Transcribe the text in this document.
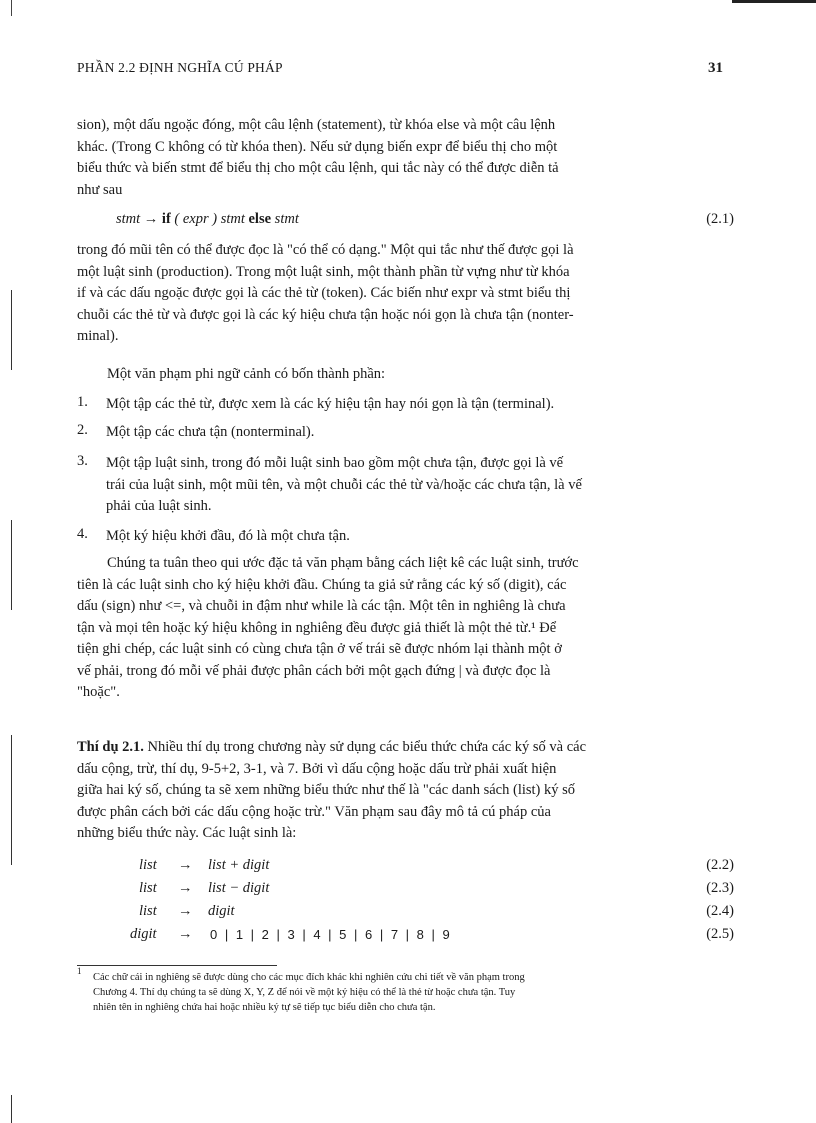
PHẦN 2.2 ĐỊNH NGHĨA CÚ PHÁP	31
sion), một dấu ngoặc đóng, một câu lệnh (statement), từ khóa else và một câu lệnh
khác. (Trong C không có từ khóa then). Nếu sử dụng biến expr để biểu thị cho một
biểu thức và biến stmt để biểu thị cho một câu lệnh, qui tắc này có thể được diễn tả
như sau
stmt → if ( expr ) stmt else stmt	(2.1)
trong đó mũi tên có thể được đọc là "có thể có dạng." Một qui tắc như thế được gọi là
một luật sinh (production). Trong một luật sinh, một thành phần từ vựng như từ khóa
if và các dấu ngoặc được gọi là các thẻ từ (token). Các biến như expr và stmt biểu thị
chuỗi các thẻ từ và được gọi là các ký hiệu chưa tận hoặc nói gọn là chưa tận (nonter-
minal).
Một văn phạm phi ngữ cảnh có bốn thành phần:
1. Một tập các thẻ từ, được xem là các ký hiệu tận hay nói gọn là tận (terminal).
2. Một tập các chưa tận (nonterminal).
3. Một tập luật sinh, trong đó mỗi luật sinh bao gồm một chưa tận, được gọi là vế
trái của luật sinh, một mũi tên, và một chuỗi các thẻ từ và/hoặc các chưa tận, là vế
phải của luật sinh.
4. Một ký hiệu khởi đầu, đó là một chưa tận.
Chúng ta tuân theo qui ước đặc tả văn phạm bằng cách liệt kê các luật sinh, trước
tiên là các luật sinh cho ký hiệu khởi đầu. Chúng ta giả sử rằng các ký số (digit), các
dấu (sign) như <=, và chuỗi in đậm như while là các tận. Một tên in nghiêng là chưa
tận và mọi tên hoặc ký hiệu không in nghiêng đều được giả thiết là một thẻ từ.¹ Để
tiện ghi chép, các luật sinh có cùng chưa tận ở vế trái sẽ được nhóm lại thành một ở
vế phải, trong đó mỗi vế phải được phân cách bởi một gạch đứng | và được đọc là
"hoặc".
Thí dụ 2.1. Nhiều thí dụ trong chương này sử dụng các biểu thức chứa các ký số và các
dấu cộng, trừ, thí dụ, 9-5+2, 3-1, và 7. Bởi vì dấu cộng hoặc dấu trừ phải xuất hiện
giữa hai ký số, chúng ta sẽ xem những biểu thức như thế là "các danh sách (list) ký số
được phân cách bởi các dấu cộng hoặc trừ." Văn phạm sau đây mô tả cú pháp của
những biểu thức này. Các luật sinh là:
list → list + digit	(2.2)
list → list − digit	(2.3)
list → digit	(2.4)
digit → 0 | 1 | 2 | 3 | 4 | 5 | 6 | 7 | 8 | 9	(2.5)
1
Các chữ cái in nghiêng sẽ được dùng cho các mục đích khác khi nghiên cứu chi tiết về văn phạm trong
Chương 4. Thí dụ chúng ta sẽ dùng X, Y, Z để nói về một ký hiệu có thể là thẻ từ hoặc chưa tận. Tuy
nhiên tên in nghiêng chứa hai hoặc nhiều ký tự sẽ tiếp tục biểu diễn cho chưa tận.
